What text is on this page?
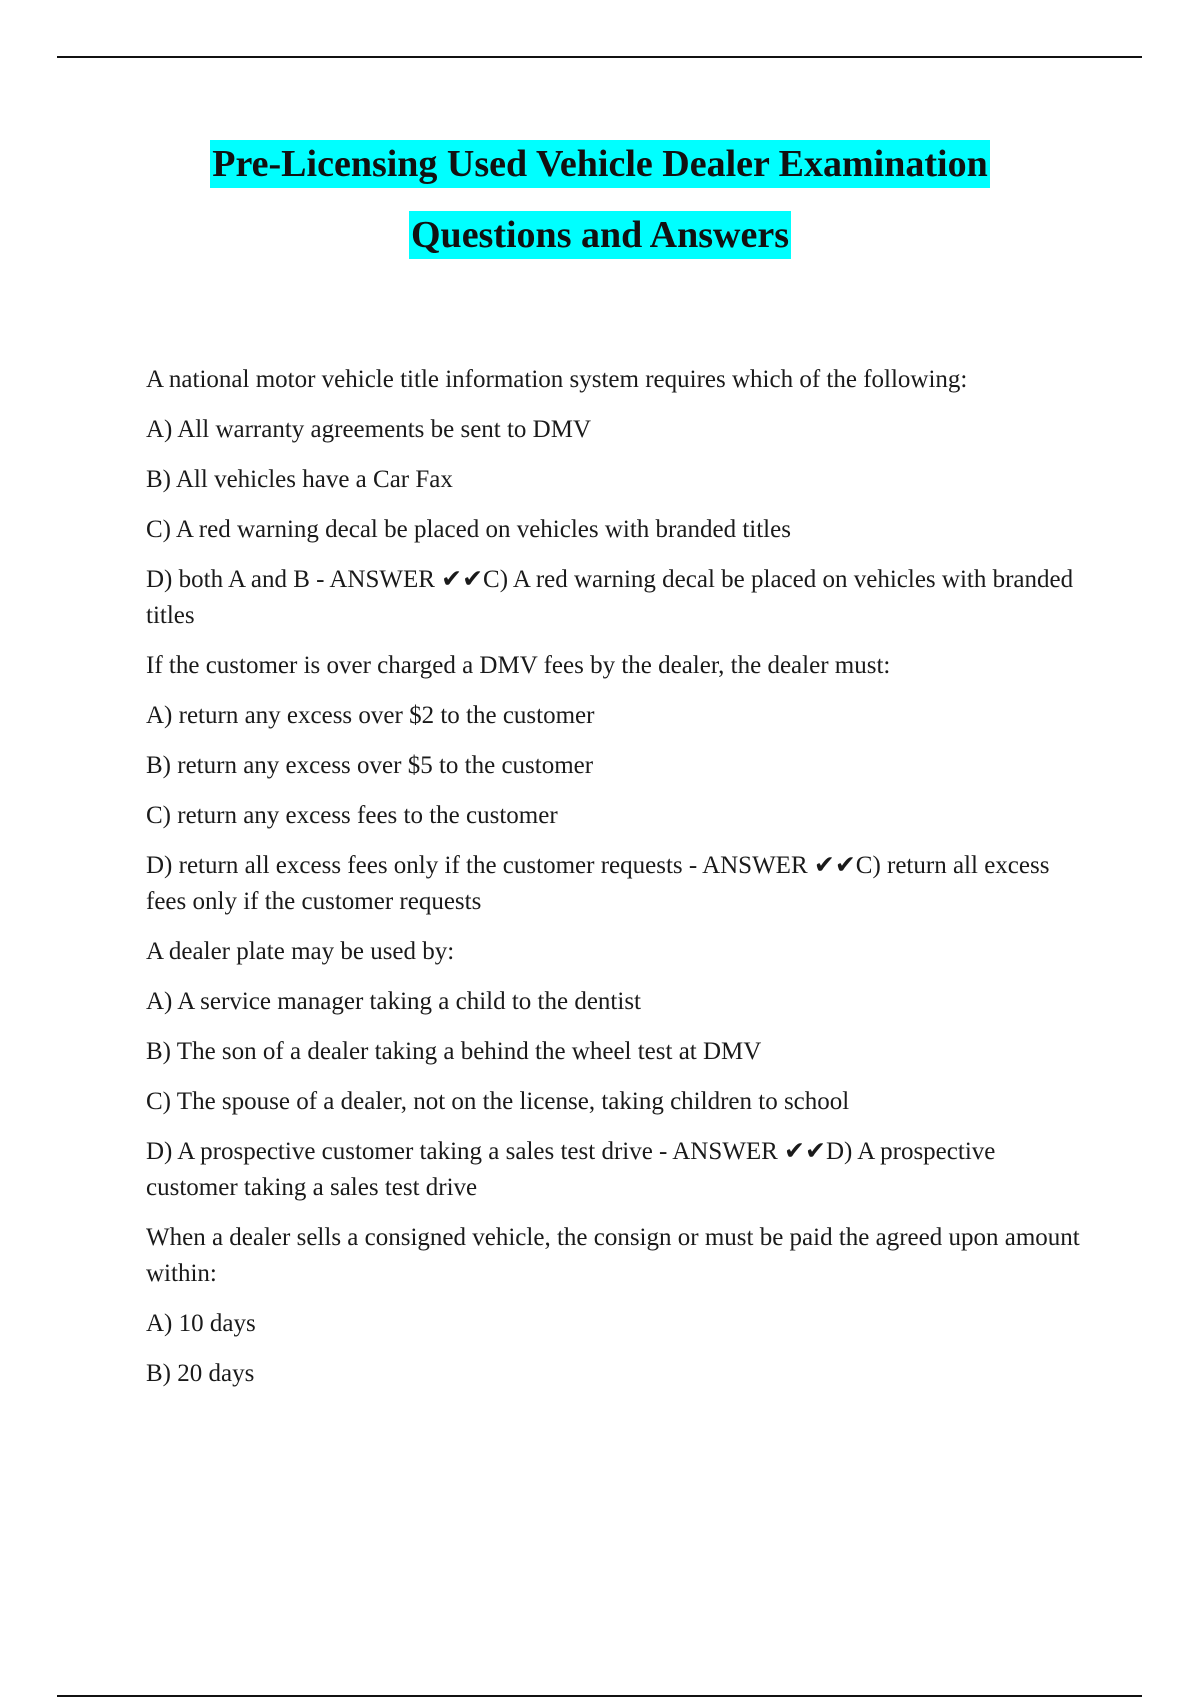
Pre-Licensing Used Vehicle Dealer Examination
Questions and Answers

A national motor vehicle title information system requires which of the following:

A) All warranty agreements be sent to DMV

B) All vehicles have a Car Fax

C) A red warning decal be placed on vehicles with branded titles

D) both A and B - ANSWER ✔✔C) A red warning decal be placed on vehicles with branded titles

If the customer is over charged a DMV fees by the dealer, the dealer must:

A) return any excess over $2 to the customer

B) return any excess over $5 to the customer

C) return any excess fees to the customer

D) return all excess fees only if the customer requests - ANSWER ✔✔C) return all excess fees only if the customer requests

A dealer plate may be used by:

A) A service manager taking a child to the dentist

B) The son of a dealer taking a behind the wheel test at DMV

C) The spouse of a dealer, not on the license, taking children to school

D) A prospective customer taking a sales test drive - ANSWER ✔✔D) A prospective customer taking a sales test drive

When a dealer sells a consigned vehicle, the consign or must be paid the agreed upon amount within:

A) 10 days

B) 20 days
